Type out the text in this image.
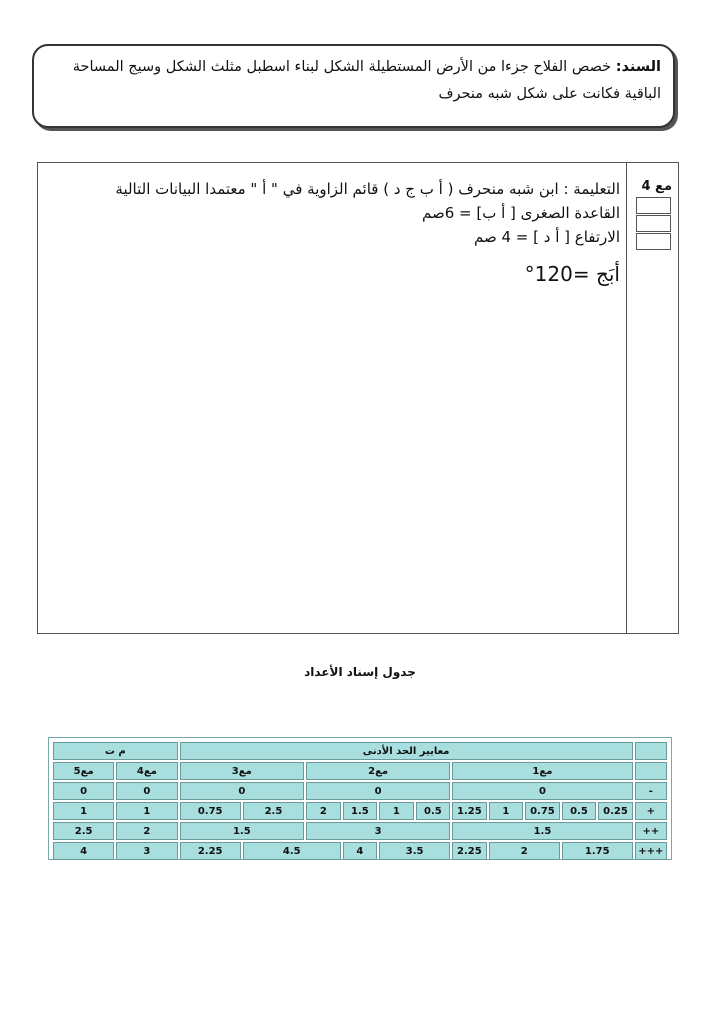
السند: خصص الفلاح جزءا من الأرض المستطيلة الشكل لبناء اسطبل مثلث الشكل وسيج المساحة الباقية فكانت على شكل شبه منحرف
مع 4
التعليمة : ابن شبه منحرف ( أ ب ج د ) قائم الزاوية في " أ " معتمدا البيانات التالية
القاعدة الصغرى [ أ ب] = 6صم
الارتفاع [ أ د ] = 4 صم
أبَج =120°
جدول إسناد الأعداد
	معايير الحد الأدنى											م ت	
	مع1					مع2				مع3		مع4	مع5
-	0					0				0		0	0
+	0.25	0.5	0.75	1	1.25	0.5	1	1.5	2	2.5	0.75	1	1
++	1.5					3				1.5		2	2.5
+++	1.75		2		2.25	3.5		4	4.5		2.25	3	4
